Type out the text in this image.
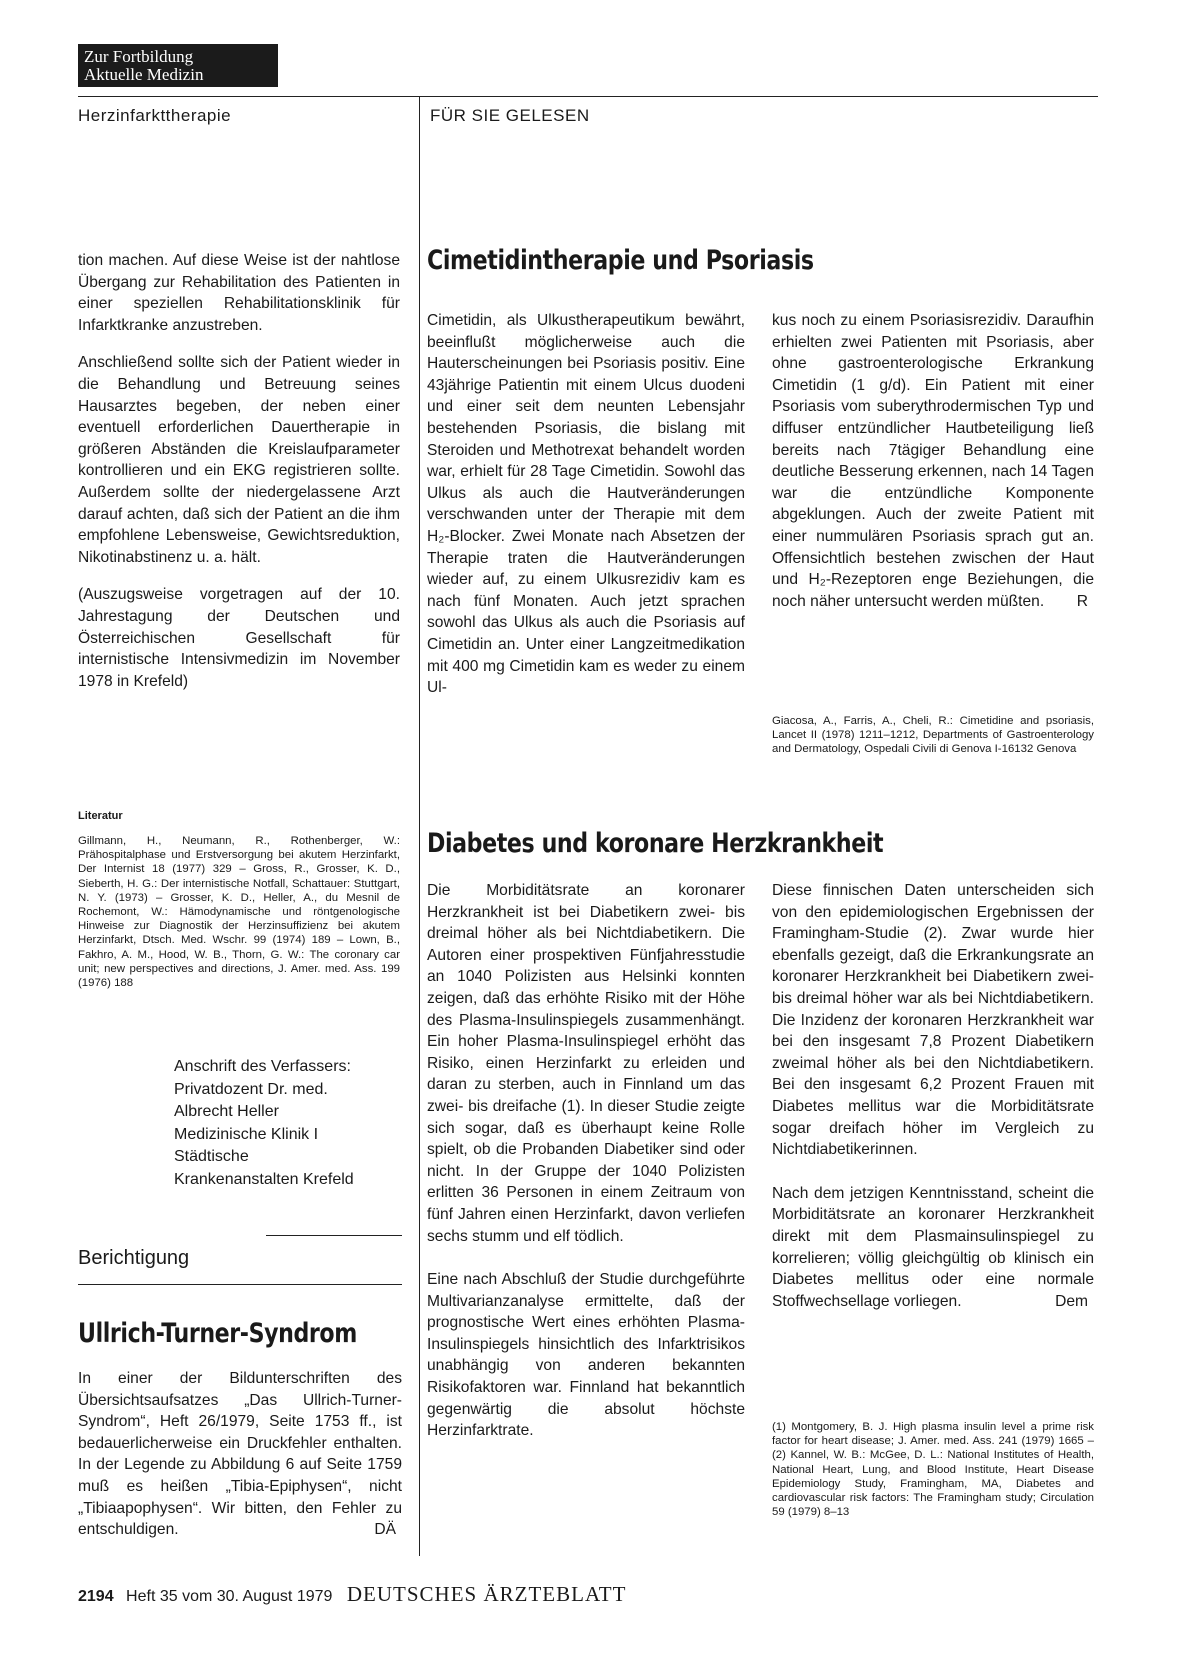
Zur Fortbildung
Aktuelle Medizin
Herzinfarkttherapie	FÜR SIE GELESEN

tion machen. Auf diese Weise ist der nahtlose Übergang zur Rehabilitation des Patienten in einer speziellen Rehabilitationsklinik für Infarktkranke anzustreben.

Anschließend sollte sich der Patient wieder in die Behandlung und Betreuung seines Hausarztes begeben, der neben einer eventuell erforderlichen Dauertherapie in größeren Abständen die Kreislaufparameter kontrollieren und ein EKG registrieren sollte. Außerdem sollte der niedergelassene Arzt darauf achten, daß sich der Patient an die ihm empfohlene Lebensweise, Gewichtsreduktion, Nikotinabstinenz u. a. hält.

(Auszugsweise vorgetragen auf der 10. Jahrestagung der Deutschen und Österreichischen Gesellschaft für internistische Intensivmedizin im November 1978 in Krefeld)

Literatur
Gillmann, H., Neumann, R., Rothenberger, W.: Prähospitalphase und Erstversorgung bei akutem Herzinfarkt, Der Internist 18 (1977) 329 – Gross, R., Grosser, K. D., Sieberth, H. G.: Der internistische Notfall, Schattauer: Stuttgart, N. Y. (1973) – Grosser, K. D., Heller, A., du Mesnil de Rochemont, W.: Hämodynamische und röntgenologische Hinweise zur Diagnostik der Herzinsuffizienz bei akutem Herzinfarkt, Dtsch. Med. Wschr. 99 (1974) 189 – Lown, B., Fakhro, A. M., Hood, W. B., Thorn, G. W.: The coronary car unit; new perspectives and directions, J. Amer. med. Ass. 199 (1976) 188
Anschrift des Verfassers:
Privatdozent Dr. med.
Albrecht Heller
Medizinische Klinik I
Städtische
Krankenanstalten Krefeld
Berichtigung
Ullrich-Turner-Syndrom
In einer der Bildunterschriften des Übersichtsaufsatzes „Das Ullrich-Turner-Syndrom“, Heft 26/1979, Seite 1753 ff., ist bedauerlicherweise ein Druckfehler enthalten. In der Legende zu Abbildung 6 auf Seite 1759 muß es heißen „Tibia-Epiphysen“, nicht „Tibiaapophysen“. Wir bitten, den Fehler zu entschuldigen.	DÄ
Cimetidintherapie und Psoriasis
Cimetidin, als Ulkustherapeutikum bewährt, beeinflußt möglicherweise auch die Hauterscheinungen bei Psoriasis positiv. Eine 43jährige Patientin mit einem Ulcus duodeni und einer seit dem neunten Lebensjahr bestehenden Psoriasis, die bislang mit Steroiden und Methotrexat behandelt worden war, erhielt für 28 Tage Cimetidin. Sowohl das Ulkus als auch die Hautveränderungen verschwanden unter der Therapie mit dem H₂-Blocker. Zwei Monate nach Absetzen der Therapie traten die Hautveränderungen wieder auf, zu einem Ulkusrezidiv kam es nach fünf Monaten. Auch jetzt sprachen sowohl das Ulkus als auch die Psoriasis auf Cimetidin an. Unter einer Langzeitmedikation mit 400 mg Cimetidin kam es weder zu einem Ul-
kus noch zu einem Psoriasisrezidiv. Daraufhin erhielten zwei Patienten mit Psoriasis, aber ohne gastroenterologische Erkrankung Cimetidin (1 g/d). Ein Patient mit einer Psoriasis vom suberythrodermischen Typ und diffuser entzündlicher Hautbeteiligung ließ bereits nach 7tägiger Behandlung eine deutliche Besserung erkennen, nach 14 Tagen war die entzündliche Komponente abgeklungen. Auch der zweite Patient mit einer nummulären Psoriasis sprach gut an. Offensichtlich bestehen zwischen der Haut und H₂-Rezeptoren enge Beziehungen, die noch näher untersucht werden müßten. R
Giacosa, A., Farris, A., Cheli, R.: Cimetidine and psoriasis, Lancet II (1978) 1211–1212, Departments of Gastroenterology and Dermatology, Ospedali Civili di Genova I-16132 Genova
Diabetes und koronare Herzkrankheit

Die Morbiditätsrate an koronarer Herzkrankheit ist bei Diabetikern zwei- bis dreimal höher als bei Nichtdiabetikern. Die Autoren einer prospektiven Fünfjahresstudie an 1040 Polizisten aus Helsinki konnten zeigen, daß das erhöhte Risiko mit der Höhe des Plasma-Insulinspiegels zusammenhängt. Ein hoher Plasma-Insulinspiegel erhöht das Risiko, einen Herzinfarkt zu erleiden und daran zu sterben, auch in Finnland um das zwei- bis dreifache (1). In dieser Studie zeigte sich sogar, daß es überhaupt keine Rolle spielt, ob die Probanden Diabetiker sind oder nicht. In der Gruppe der 1040 Polizisten erlitten 36 Personen in einem Zeitraum von fünf Jahren einen Herzinfarkt, davon verliefen sechs stumm und elf tödlich.

Eine nach Abschluß der Studie durchgeführte Multivarianzanalyse ermittelte, daß der prognostische Wert eines erhöhten Plasma-Insulinspiegels hinsichtlich des Infarktrisikos unabhängig von anderen bekannten Risikofaktoren war. Finnland hat bekanntlich gegenwärtig die absolut höchste Herzinfarktrate.

Diese finnischen Daten unterscheiden sich von den epidemiologischen Ergebnissen der Framingham-Studie (2). Zwar wurde hier ebenfalls gezeigt, daß die Erkrankungsrate an koronarer Herzkrankheit bei Diabetikern zwei- bis dreimal höher war als bei Nichtdiabetikern. Die Inzidenz der koronaren Herzkrankheit war bei den insgesamt 7,8 Prozent Diabetikern zweimal höher als bei den Nichtdiabetikern. Bei den insgesamt 6,2 Prozent Frauen mit Diabetes mellitus war die Morbiditätsrate sogar dreifach höher im Vergleich zu Nichtdiabetikerinnen.

Nach dem jetzigen Kenntnisstand, scheint die Morbiditätsrate an koronarer Herzkrankheit direkt mit dem Plasmainsulinspiegel zu korrelieren; völlig gleichgültig ob klinisch ein Diabetes mellitus oder eine normale Stoffwechsellage vorliegen.	Dem

(1) Montgomery, B. J. High plasma insulin level a prime risk factor for heart disease; J. Amer. med. Ass. 241 (1979) 1665 – (2) Kannel, W. B.: McGee, D. L.: National Institutes of Health, National Heart, Lung, and Blood Institute, Heart Disease Epidemiology Study, Framingham, MA, Diabetes and cardiovascular risk factors: The Framingham study; Circulation 59 (1979) 8–13
2194 Heft 35 vom 30. August 1979 DEUTSCHES ÄRZTEBLATT
